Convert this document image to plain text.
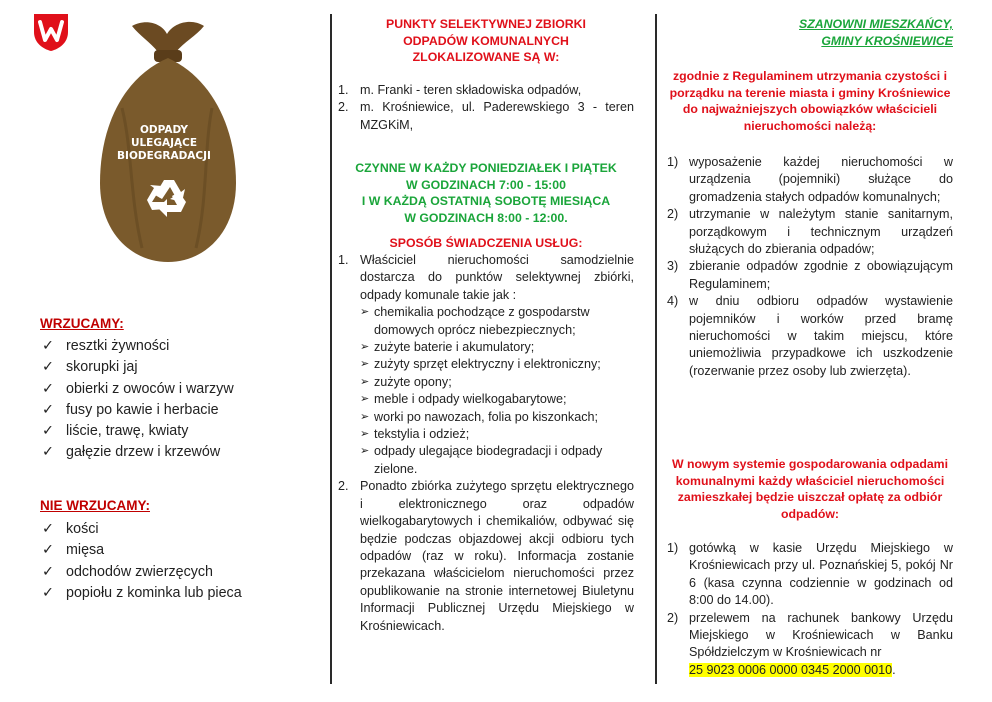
ODPADY
ULEGAJĄCE
BIODEGRADACJI
WRZUCAMY:
✓ resztki żywności
✓ skorupki jaj
✓ obierki z owoców i warzyw
✓ fusy po kawie i herbacie
✓ liście, trawę, kwiaty
✓ gałęzie drzew i krzewów
NIE WRZUCAMY:
✓ kości
✓ mięsa
✓ odchodów zwierzęcych
✓ popiołu z kominka lub pieca
PUNKTY SELEKTYWNEJ ZBIORKI
ODPADÓW KOMUNALNYCH
ZLOKALIZOWANE SĄ W:
1. m. Franki - teren składowiska odpadów,
2. m. Krośniewice, ul. Paderewskiego 3 - teren MZGKiM,
CZYNNE W KAŻDY PONIEDZIAŁEK I PIĄTEK
W GODZINACH 7:00 - 15:00
I W KAŻDĄ OSTATNIĄ SOBOTĘ MIESIĄCA
W GODZINACH 8:00 - 12:00.
SPOSÓB ŚWIADCZENIA USŁUG:
1. Właściciel nieruchomości samodzielnie dostarcza do punktów selektywnej zbiórki, odpady komunale takie jak :
➢ chemikalia pochodzące z gospodarstw domowych oprócz niebezpiecznych;
➢ zużyte baterie i akumulatory;
➢ zużyty sprzęt elektryczny i elektroniczny;
➢ zużyte opony;
➢ meble i odpady wielkogabarytowe;
➢ worki po nawozach, folia po kiszonkach;
➢ tekstylia i odzież;
➢ odpady ulegające biodegradacji i odpady zielone.
2. Ponadto zbiórka zużytego sprzętu elektrycznego i elektronicznego oraz odpadów wielkogabarytowych i chemikaliów, odbywać się będzie podczas objazdowej akcji odbioru tych odpadów (raz w roku). Informacja zostanie przekazana właścicielom nieruchomości przez opublikowanie na stronie internetowej Biuletynu Informacji Publicznej Urzędu Miejskiego w Krośniewicach.
SZANOWNI MIESZKAŃCY,
GMINY KROŚNIEWICE
zgodnie z Regulaminem utrzymania czystości i porządku na terenie miasta i gminy Krośniewice do najważniejszych obowiązków właścicieli nieruchomości należą:
1) wyposażenie każdej nieruchomości w urządzenia (pojemniki) służące do gromadzenia stałych odpadów komunalnych;
2) utrzymanie w należytym stanie sanitarnym, porządkowym i technicznym urządzeń służących do zbierania odpadów;
3) zbieranie odpadów zgodnie z obowiązującym Regulaminem;
4) w dniu odbioru odpadów wystawienie pojemników i worków przed bramę nieruchomości w takim miejscu, które uniemożliwia przypadkowe ich uszkodzenie (rozerwanie przez osoby lub zwierzęta).
W nowym systemie gospodarowania odpadami komunalnymi każdy właściciel nieruchomości zamieszkałej będzie uiszczał opłatę za odbiór odpadów:
1) gotówką w kasie Urzędu Miejskiego w Krośniewicach przy ul. Poznańskiej 5, pokój Nr 6 (kasa czynna codziennie w godzinach od 8:00 do 14.00).
2) przelewem na rachunek bankowy Urzędu Miejskiego w Krośniewicach w Banku Spółdzielczym w Krośniewicach nr
25 9023 0006 0000 0345 2000 0010.
